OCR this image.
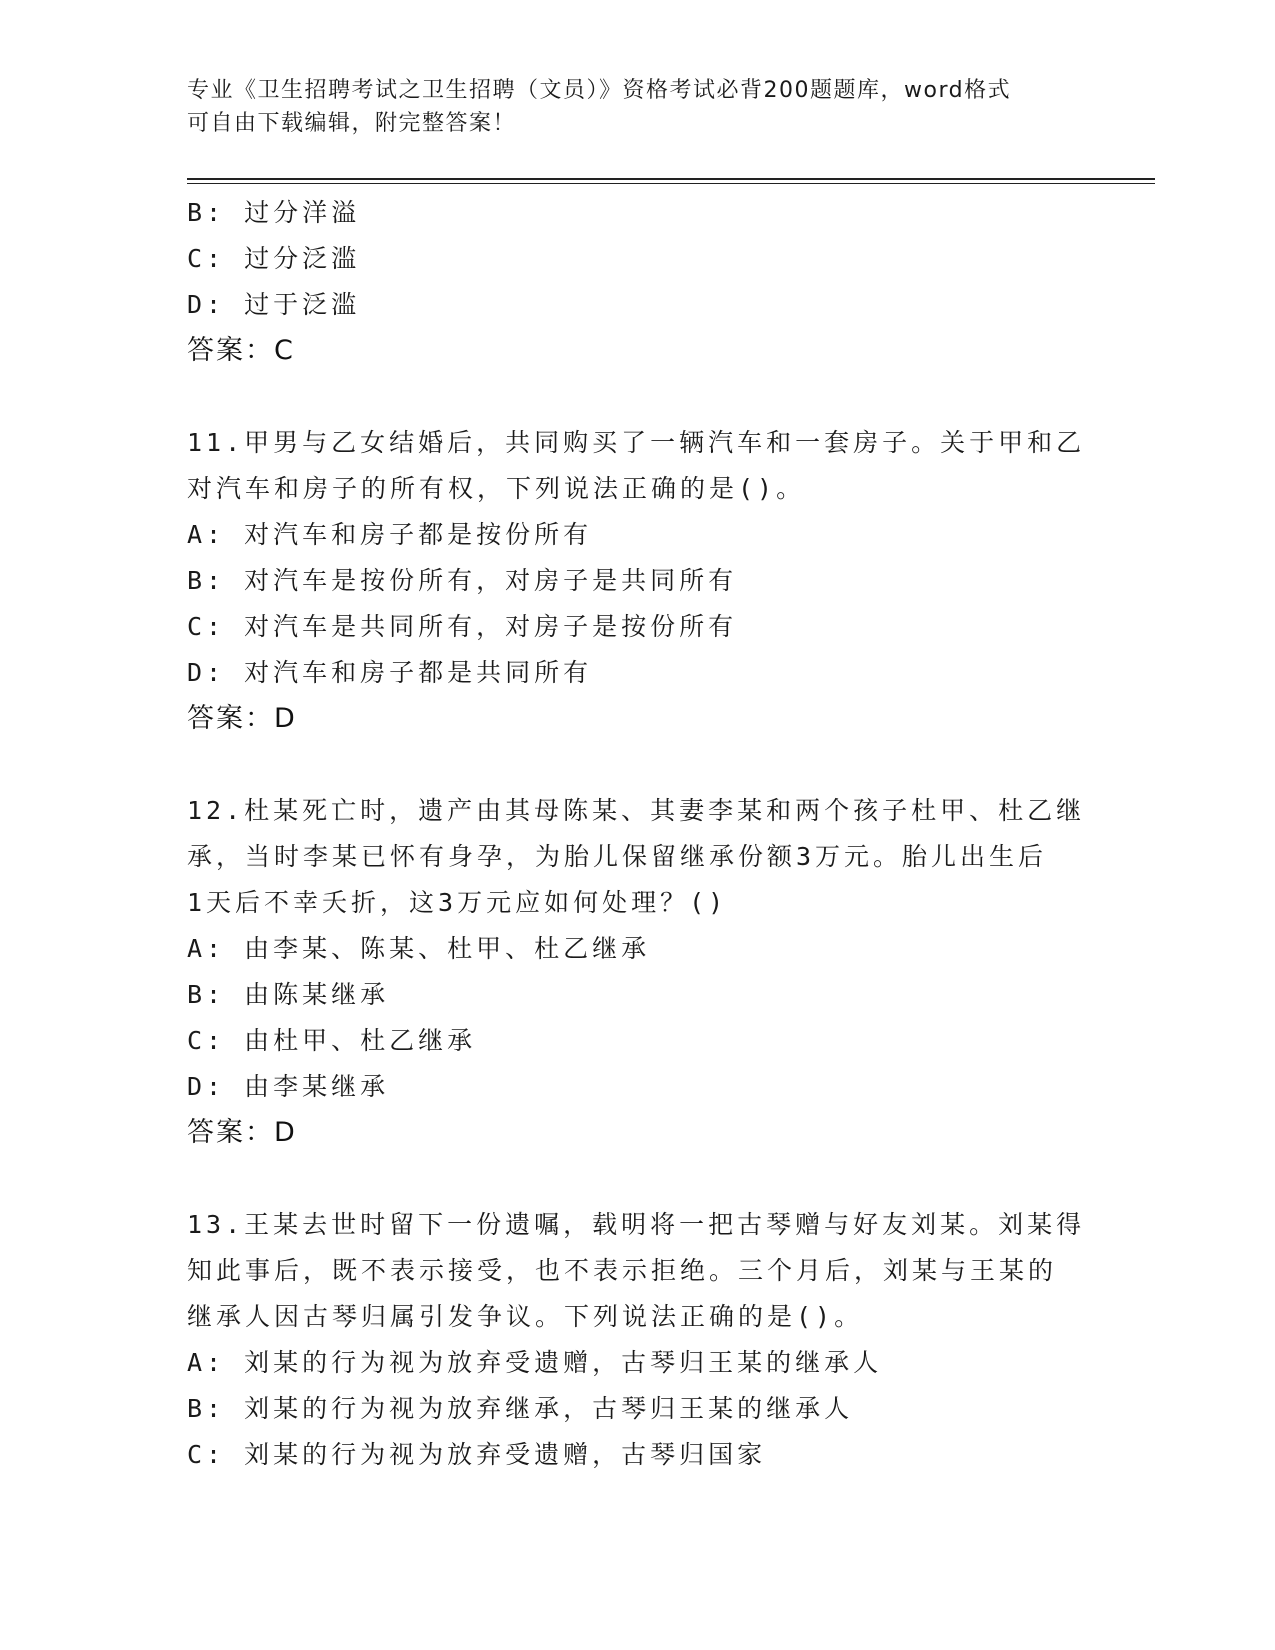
专业《卫生招聘考试之卫生招聘（文员）》资格考试必背200题题库，word格式
可自由下载编辑，附完整答案！
B: 过分洋溢
C: 过分泛滥
D: 过于泛滥
答案：C
11.甲男与乙女结婚后，共同购买了一辆汽车和一套房子。关于甲和乙
对汽车和房子的所有权，下列说法正确的是()。
A: 对汽车和房子都是按份所有
B: 对汽车是按份所有，对房子是共同所有
C: 对汽车是共同所有，对房子是按份所有
D: 对汽车和房子都是共同所有
答案：D
12.杜某死亡时，遗产由其母陈某、其妻李某和两个孩子杜甲、杜乙继
承，当时李某已怀有身孕，为胎儿保留继承份额3万元。胎儿出生后
1天后不幸夭折，这3万元应如何处理？()
A: 由李某、陈某、杜甲、杜乙继承
B: 由陈某继承
C: 由杜甲、杜乙继承
D: 由李某继承
答案：D
13.王某去世时留下一份遗嘱，载明将一把古琴赠与好友刘某。刘某得
知此事后，既不表示接受，也不表示拒绝。三个月后，刘某与王某的
继承人因古琴归属引发争议。下列说法正确的是()。
A: 刘某的行为视为放弃受遗赠，古琴归王某的继承人
B: 刘某的行为视为放弃继承，古琴归王某的继承人
C: 刘某的行为视为放弃受遗赠，古琴归国家
